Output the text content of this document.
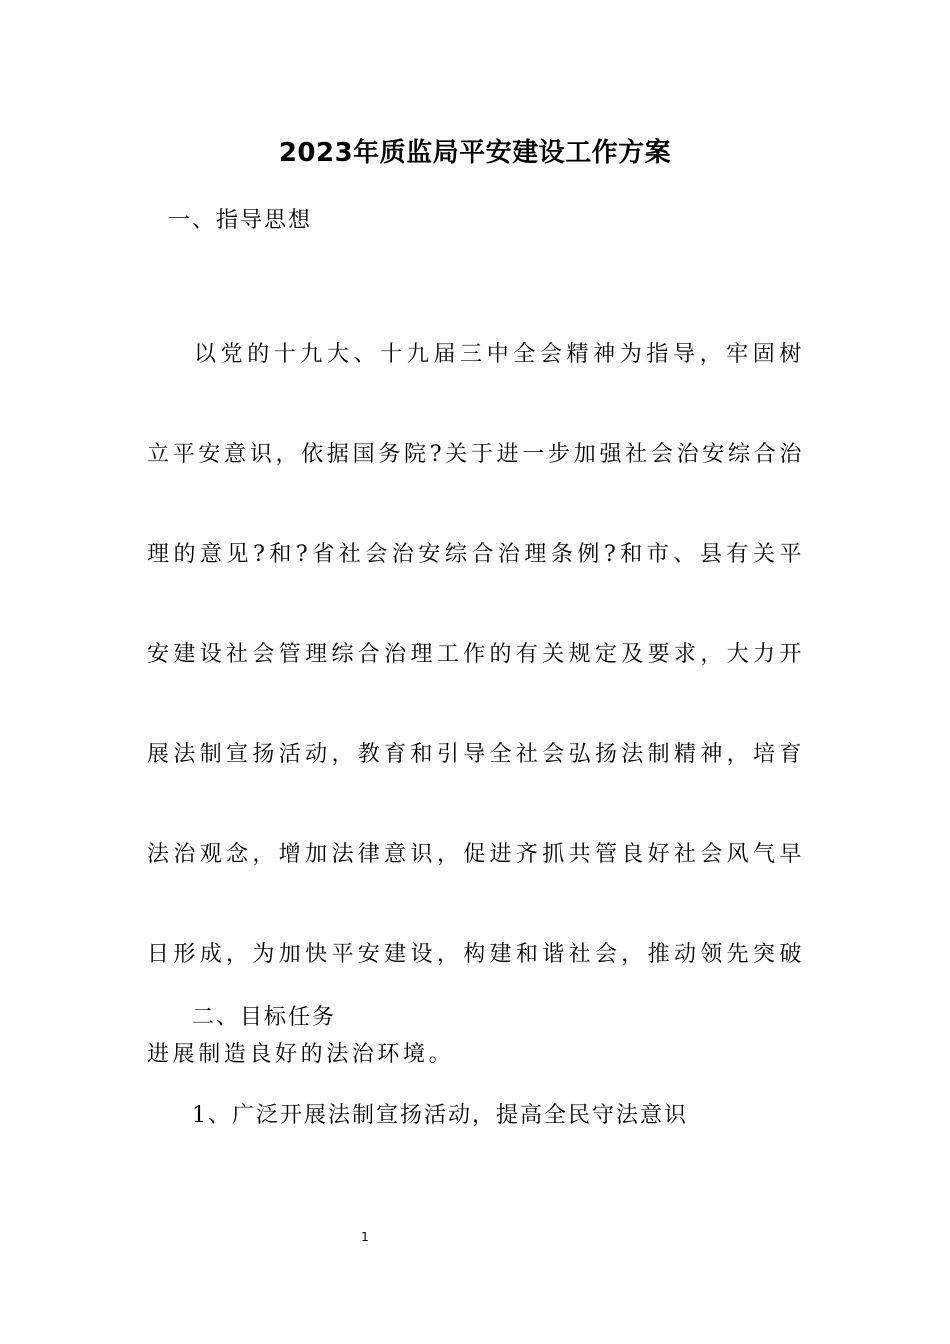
2023年质监局平安建设工作方案
一、指导思想

以党的十九大、十九届三中全会精神为指导，牢固树立平安意识，依据国务院?关于进一步加强社会治安综合治理的意见?和?省社会治安综合治理条例?和市、县有关平安建设社会管理综合治理工作的有关规定及要求，大力开展法制宣扬活动，教育和引导全社会弘扬法制精神，培育法治观念，增加法律意识，促进齐抓共管良好社会风气早日形成，为加快平安建设，构建和谐社会，推动领先突破进展制造良好的法治环境。

二、目标任务
1、广泛开展法制宣扬活动，提高全民守法意识
1
